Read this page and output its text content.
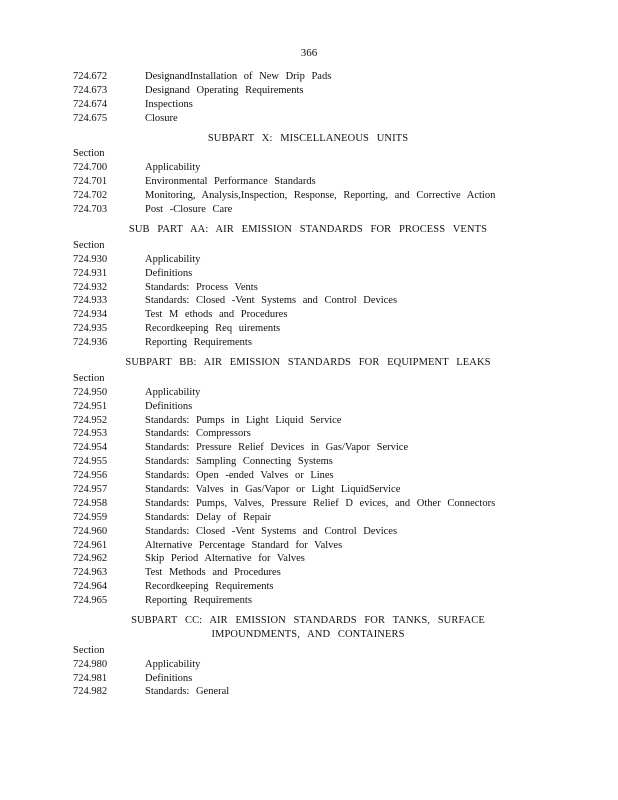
366
724.672	DesignandInstallation of New Drip Pads
724.673	Designand Operating Requirements
724.674	Inspections
724.675	Closure
SUBPART X: MISCELLANEOUS UNITS
Section
724.700	Applicability
724.701	Environmental Performance Standards
724.702	Monitoring, Analysis,Inspection, Response, Reporting, and Corrective Action
724.703	Post -Closure Care
SUB PART AA: AIR EMISSION STANDARDS FOR PROCESS VENTS
Section
724.930	Applicability
724.931	Definitions
724.932	Standards: Process Vents
724.933	Standards: Closed -Vent Systems and Control Devices
724.934	Test M ethods and Procedures
724.935	Recordkeeping Req uirements
724.936	Reporting Requirements
SUBPART BB: AIR EMISSION STANDARDS FOR EQUIPMENT LEAKS
Section
724.950	Applicability
724.951	Definitions
724.952	Standards: Pumps in Light Liquid Service
724.953	Standards: Compressors
724.954	Standards: Pressure Relief Devices in Gas/Vapor Service
724.955	Standards: Sampling Connecting Systems
724.956	Standards: Open -ended Valves or Lines
724.957	Standards: Valves in Gas/Vapor or Light LiquidService
724.958	Standards: Pumps, Valves, Pressure Relief D evices, and Other Connectors
724.959	Standards: Delay of Repair
724.960	Standards: Closed -Vent Systems and Control Devices
724.961	Alternative Percentage Standard for Valves
724.962	Skip Period Alternative for Valves
724.963	Test Methods and Procedures
724.964	Recordkeeping Requirements
724.965	Reporting Requirements
SUBPART CC: AIR EMISSION STANDARDS FOR TANKS, SURFACE
IMPOUNDMENTS, AND CONTAINERS
Section
724.980	Applicability
724.981	Definitions
724.982	Standards: General
